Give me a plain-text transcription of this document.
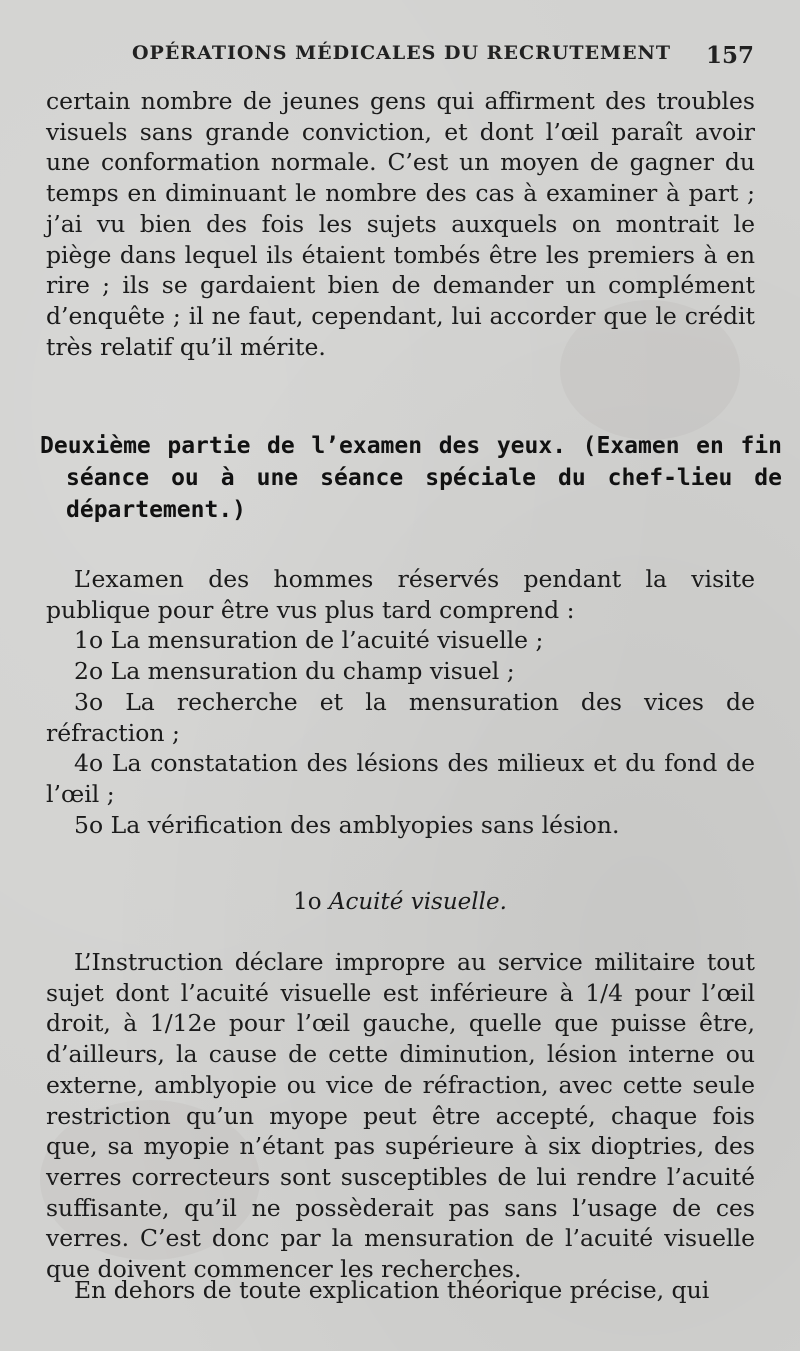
OPÉRATIONS MÉDICALES DU RECRUTEMENT 157

certain nombre de jeunes gens qui affirment des troubles visuels sans grande conviction, et dont l’œil paraît avoir une conformation normale. C’est un moyen de gagner du temps en diminuant le nombre des cas à examiner à part ; j’ai vu bien des fois les sujets auxquels on montrait le piège dans lequel ils étaient tombés être les premiers à en rire ; ils se gardaient bien de demander un complément d’enquête ; il ne faut, cependant, lui accorder que le crédit très relatif qu’il mérite.

Deuxième partie de l’examen des yeux. (Examen en fin séance ou à une séance spéciale du chef-lieu de département.)

L’examen des hommes réservés pendant la visite publique pour être vus plus tard comprend :

1o La mensuration de l’acuité visuelle ;

2o La mensuration du champ visuel ;

3o La recherche et la mensuration des vices de réfraction ;

4o La constatation des lésions des milieux et du fond de l’œil ;

5o La vérification des amblyopies sans lésion.

1o Acuité visuelle.

L’Instruction déclare impropre au service militaire tout sujet dont l’acuité visuelle est inférieure à 1/4 pour l’œil droit, à 1/12e pour l’œil gauche, quelle que puisse être, d’ailleurs, la cause de cette diminution, lésion interne ou externe, amblyopie ou vice de réfraction, avec cette seule restriction qu’un myope peut être accepté, chaque fois que, sa myopie n’étant pas supérieure à six dioptries, des verres correcteurs sont susceptibles de lui rendre l’acuité suffisante, qu’il ne possèderait pas sans l’usage de ces verres. C’est donc par la mensuration de l’acuité visuelle que doivent commencer les recherches.

En dehors de toute explication théorique précise, qui
